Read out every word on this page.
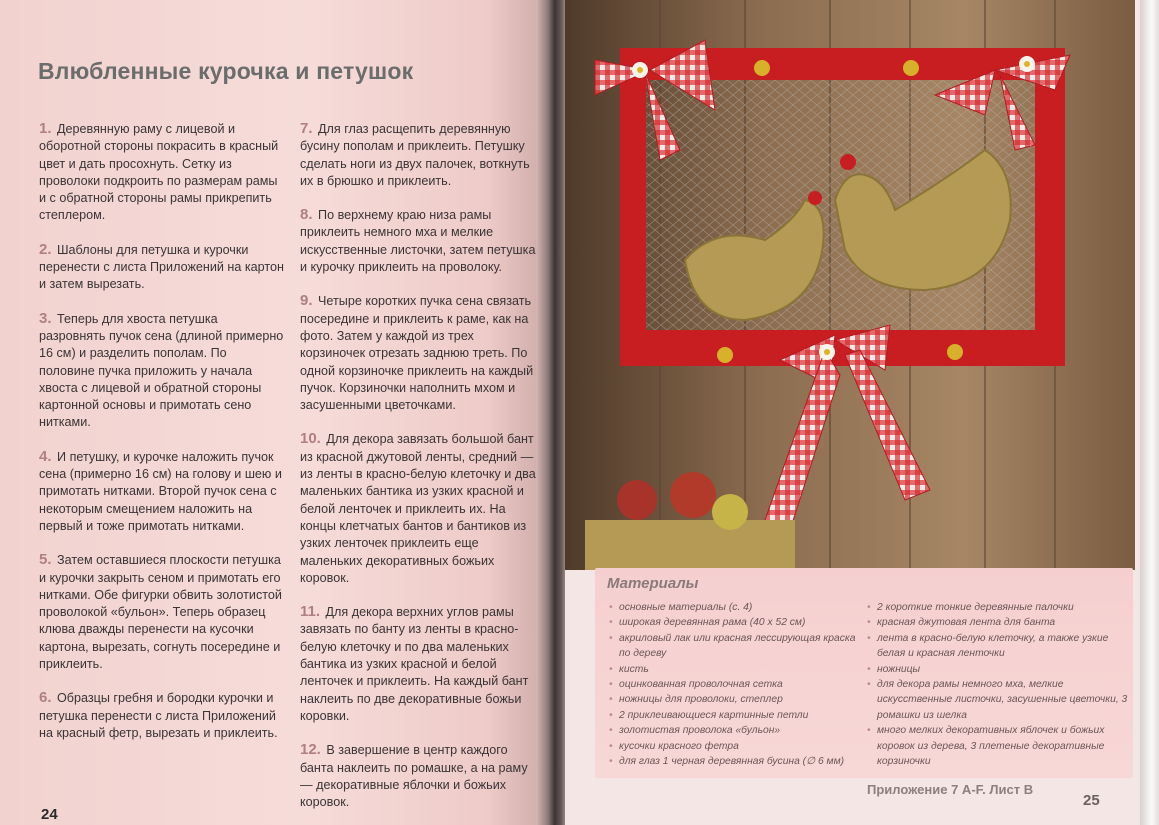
Влюбленные курочка и петушок

1. Деревянную раму с лицевой и оборотной стороны покрасить в красный цвет и дать просохнуть. Сетку из проволоки подкроить по размерам рамы и с обратной стороны рамы прикрепить степлером.

2. Шаблоны для петушка и курочки перенести с листа Приложений на картон и затем вырезать.

3. Теперь для хвоста петушка разровнять пучок сена (длиной примерно 16 см) и разделить пополам. По половине пучка приложить у начала хвоста с лицевой и обратной стороны картонной основы и примотать сено нитками.

4. И петушку, и курочке наложить пучок сена (примерно 16 см) на голову и шею и примотать нитками. Второй пучок сена с некоторым смещением наложить на первый и тоже примотать нитками.

5. Затем оставшиеся плоскости петушка и курочки закрыть сеном и примотать его нитками. Обе фигурки обвить золотистой проволокой «бульон». Теперь образец клюва дважды перенести на кусочки картона, вырезать, согнуть посередине и приклеить.

6. Образцы гребня и бородки курочки и петушка перенести с листа Приложений на красный фетр, вырезать и приклеить.

7. Для глаз расщепить деревянную бусину пополам и приклеить. Петушку сделать ноги из двух палочек, воткнуть их в брюшко и приклеить.

8. По верхнему краю низа рамы приклеить немного мха и мелкие искусственные листочки, затем петушка и курочку приклеить на проволоку.

9. Четыре коротких пучка сена связать посередине и приклеить к раме, как на фото. Затем у каждой из трех корзиночек отрезать заднюю треть. По одной корзиночке приклеить на каждый пучок. Корзиночки наполнить мхом и засушенными цветочками.

10. Для декора завязать большой бант из красной джутовой ленты, средний — из ленты в красно-белую клеточку и два маленьких бантика из узких красной и белой ленточек и приклеить их. На концы клетчатых бантов и бантиков из узких ленточек приклеить еще маленьких декоративных божьих коровок.

11. Для декора верхних углов рамы завязать по банту из ленты в красно-белую клеточку и по два маленьких бантика из узких красной и белой ленточек и приклеить. На каждый бант наклеить по две декоративные божьи коровки.

12. В завершение в центр каждого банта наклеить по ромашке, а на раму — декоративные яблочки и божьих коровок.

24
Материалы
• основные материалы (с. 4)
• широкая деревянная рама (40 x 52 см)
• акриловый лак или красная лессирующая краска по дереву
• кисть
• оцинкованная проволочная сетка
• ножницы для проволоки, степлер
• 2 приклеивающиеся картинные петли
• золотистая проволока «бульон»
• кусочки красного фетра
• для глаз 1 черная деревянная бусина (∅ 6 мм)
• 2 короткие тонкие деревянные палочки
• красная джутовая лента для банта
• лента в красно-белую клеточку, а также узкие белая и красная ленточки
• ножницы
• для декора рамы немного мха, мелкие искусственные листочки, засушенные цветочки, 3 ромашки из шелка
• много мелких декоративных яблочек и божьих коровок из дерева, 3 плетеные декоративные корзиночки
Приложение 7 A-F. Лист B
25
